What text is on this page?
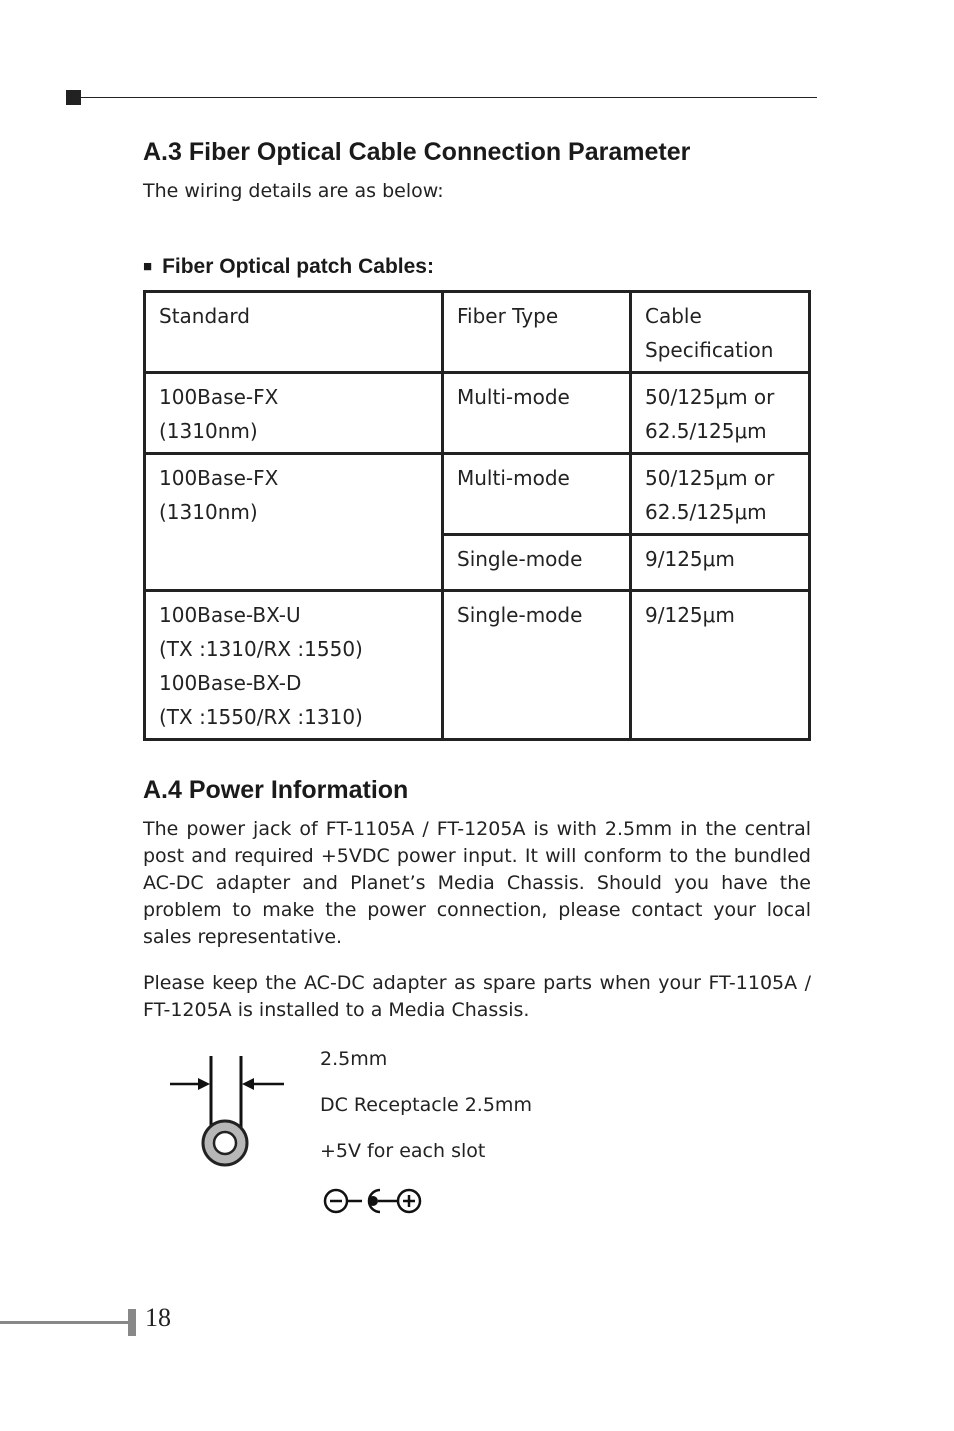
A.3 Fiber Optical Cable Connection Parameter

The wiring details are as below:

■ Fiber Optical patch Cables:

Standard	Fiber Type	Cable
Specification

100Base-FX
(1310nm)	Multi-mode	50/125μm or
62.5/125μm

100Base-FX
(1310nm)	Multi-mode	50/125μm or
62.5/125μm

	Single-mode	9/125μm

100Base-BX-U
(TX :1310/RX :1550)
100Base-BX-D
(TX :1550/RX :1310)	Single-mode	9/125μm
A.4 Power Information

The power jack of FT-1105A / FT-1205A is with 2.5mm in the central post and required +5VDC power input. It will conform to the bundled AC-DC adapter and Planet’s Media Chassis. Should you have the problem to make the power connection, please contact your local sales representative.

Please keep the AC-DC adapter as spare parts when your FT-1105A / FT-1205A is installed to a Media Chassis.

2.5mm

DC Receptacle 2.5mm

+5V for each slot

18
